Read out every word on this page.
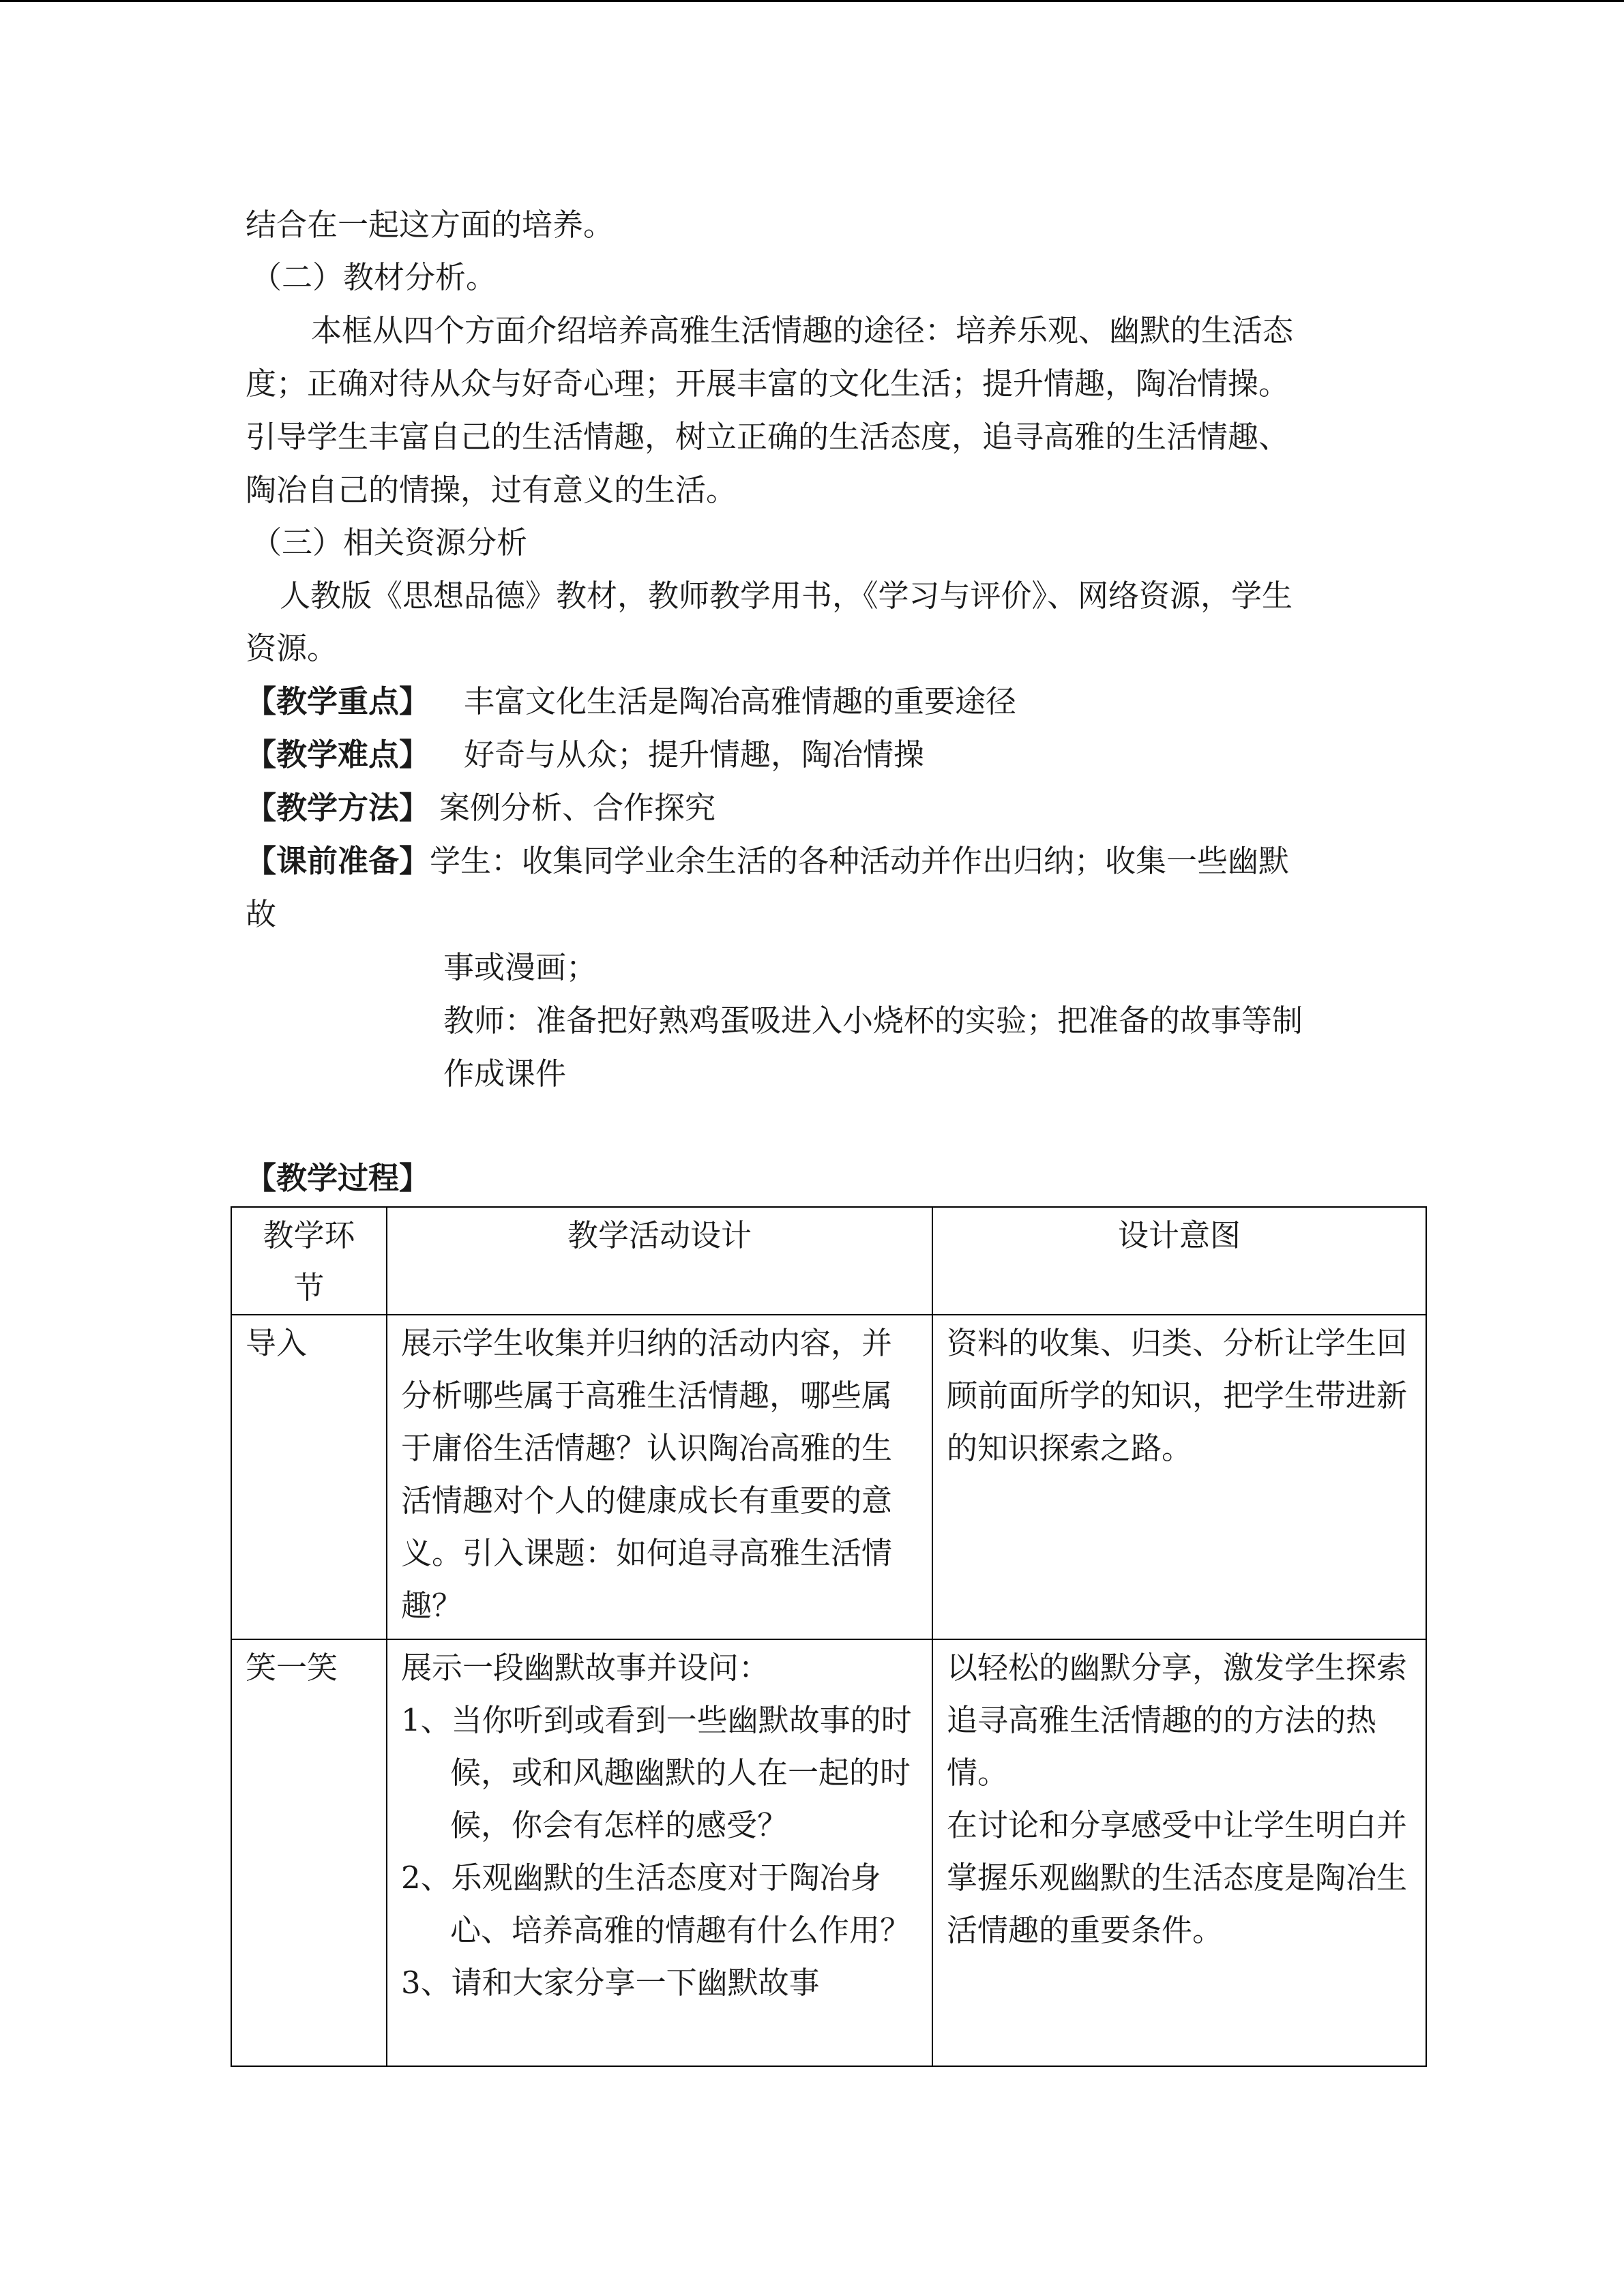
结合在一起这方面的培养。
（二）教材分析。
本框从四个方面介绍培养高雅生活情趣的途径：培养乐观、幽默的生活态
度；正确对待从众与好奇心理；开展丰富的文化生活；提升情趣，陶冶情操。
引导学生丰富自己的生活情趣，树立正确的生活态度，追寻高雅的生活情趣、
陶冶自己的情操，过有意义的生活。
（三）相关资源分析
人教版《思想品德》教材，教师教学用书，《学习与评价》、网络资源，学生
资源。
【教学重点】 丰富文化生活是陶冶高雅情趣的重要途径
【教学难点】 好奇与从众；提升情趣，陶冶情操
【教学方法】 案例分析、合作探究
【课前准备】学生：收集同学业余生活的各种活动并作出归纳；收集一些幽默
故
事或漫画；
教师：准备把好熟鸡蛋吸进入小烧杯的实验；把准备的故事等制
作成课件
【教学过程】
教学环节	教学活动设计	设计意图
导入	展示学生收集并归纳的活动内容，并分析哪些属于高雅生活情趣，哪些属于庸俗生活情趣？认识陶冶高雅的生活情趣对个人的健康成长有重要的意义。引入课题：如何追寻高雅生活情趣？	资料的收集、归类、分析让学生回顾前面所学的知识，把学生带进新的知识探索之路。
笑一笑	展示一段幽默故事并设问：
1、当你听到或看到一些幽默故事的时候，或和风趣幽默的人在一起的时候，你会有怎样的感受？
2、乐观幽默的生活态度对于陶冶身心、培养高雅的情趣有什么作用？
3、请和大家分享一下幽默故事	以轻松的幽默分享，激发学生探索追寻高雅生活情趣的的方法的热情。
在讨论和分享感受中让学生明白并掌握乐观幽默的生活态度是陶冶生活情趣的重要条件。
